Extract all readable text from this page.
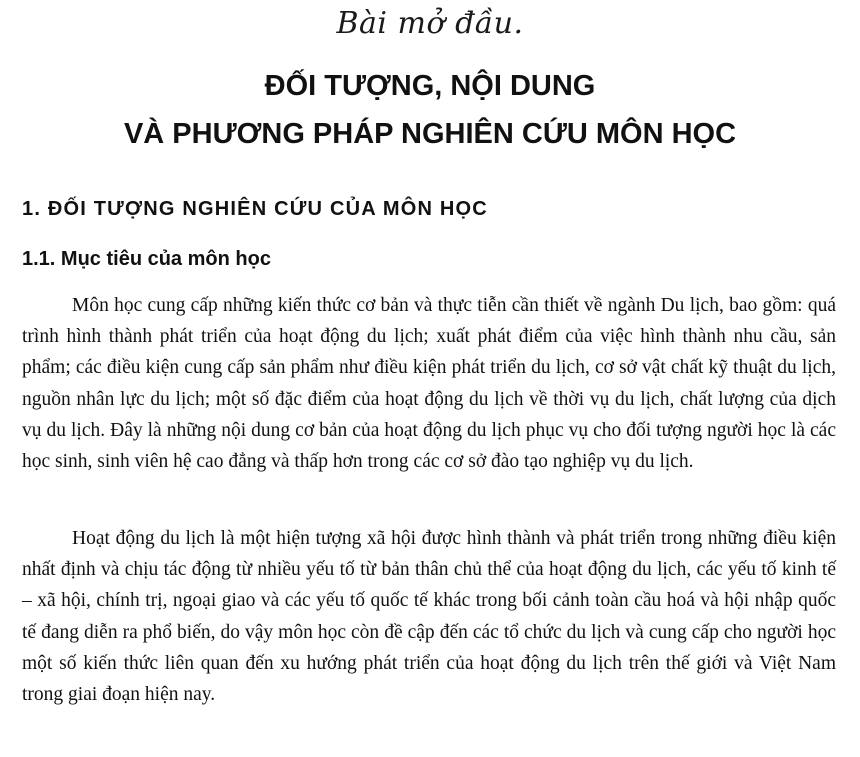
Bài mở đầu.
ĐỐI TƯỢNG, NỘI DUNG
VÀ PHƯƠNG PHÁP NGHIÊN CỨU MÔN HỌC
1. ĐỐI TƯỢNG NGHIÊN CỨU CỦA MÔN HỌC
1.1. Mục tiêu của môn học

Môn học cung cấp những kiến thức cơ bản và thực tiễn cần thiết về ngành Du lịch, bao gồm: quá trình hình thành phát triển của hoạt động du lịch; xuất phát điểm của việc hình thành nhu cầu, sản phẩm; các điều kiện cung cấp sản phẩm như điều kiện phát triển du lịch, cơ sở vật chất kỹ thuật du lịch, nguồn nhân lực du lịch; một số đặc điểm của hoạt động du lịch về thời vụ du lịch, chất lượng của dịch vụ du lịch. Đây là những nội dung cơ bản của hoạt động du lịch phục vụ cho đối tượng người học là các học sinh, sinh viên hệ cao đẳng và thấp hơn trong các cơ sở đào tạo nghiệp vụ du lịch.

Hoạt động du lịch là một hiện tượng xã hội được hình thành và phát triển trong những điều kiện nhất định và chịu tác động từ nhiều yếu tố từ bản thân chủ thể của hoạt động du lịch, các yếu tố kinh tế – xã hội, chính trị, ngoại giao và các yếu tố quốc tế khác trong bối cảnh toàn cầu hoá và hội nhập quốc tế đang diễn ra phổ biến, do vậy môn học còn đề cập đến các tổ chức du lịch và cung cấp cho người học một số kiến thức liên quan đến xu hướng phát triển của hoạt động du lịch trên thế giới và Việt Nam trong giai đoạn hiện nay.
